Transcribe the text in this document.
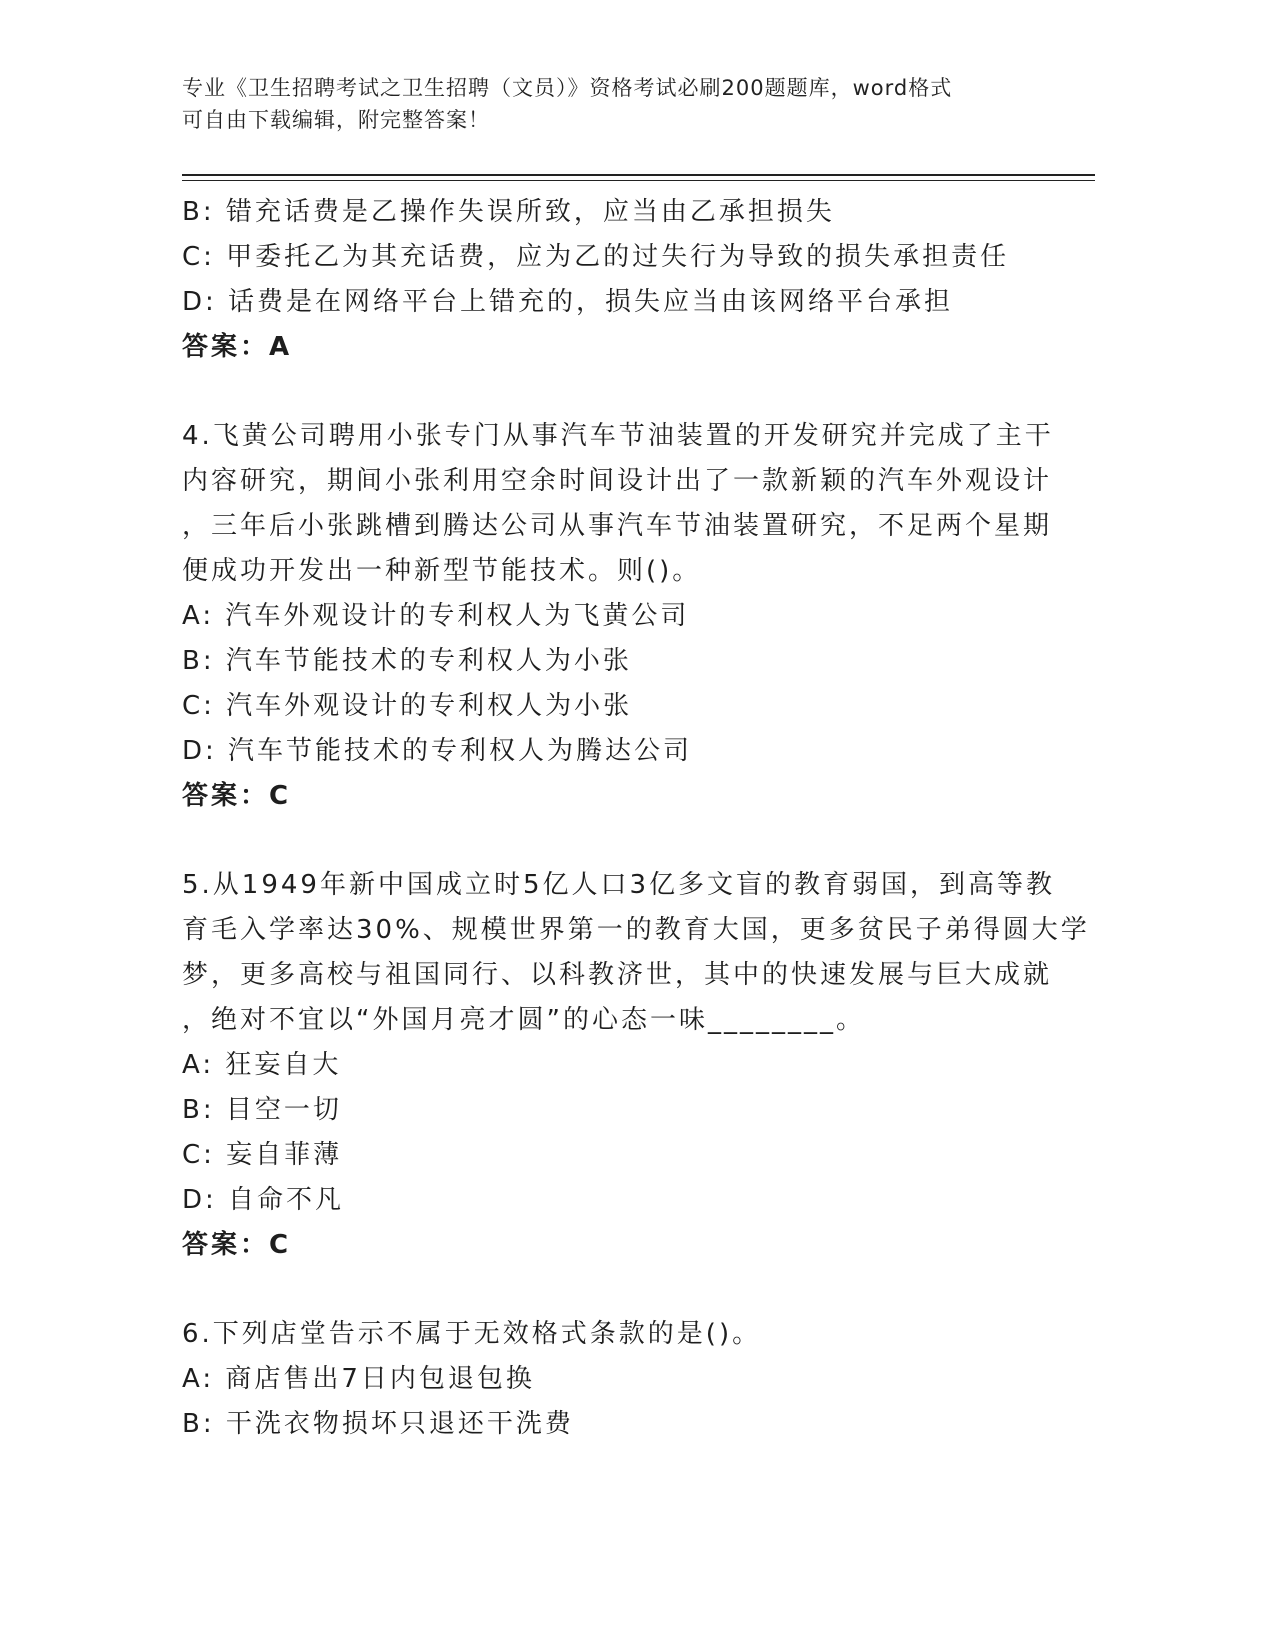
专业《卫生招聘考试之卫生招聘（文员）》资格考试必刷200题题库，word格式
可自由下载编辑，附完整答案！
B: 错充话费是乙操作失误所致，应当由乙承担损失
C: 甲委托乙为其充话费，应为乙的过失行为导致的损失承担责任
D: 话费是在网络平台上错充的，损失应当由该网络平台承担
答案：A
4.飞黄公司聘用小张专门从事汽车节油装置的开发研究并完成了主干
内容研究，期间小张利用空余时间设计出了一款新颖的汽车外观设计
，三年后小张跳槽到腾达公司从事汽车节油装置研究，不足两个星期
便成功开发出一种新型节能技术。则()。
A: 汽车外观设计的专利权人为飞黄公司
B: 汽车节能技术的专利权人为小张
C: 汽车外观设计的专利权人为小张
D: 汽车节能技术的专利权人为腾达公司
答案：C
5.从1949年新中国成立时5亿人口3亿多文盲的教育弱国，到高等教
育毛入学率达30%、规模世界第一的教育大国，更多贫民子弟得圆大学
梦，更多高校与祖国同行、以科教济世，其中的快速发展与巨大成就
，绝对不宜以“外国月亮才圆”的心态一味________。
A: 狂妄自大
B: 目空一切
C: 妄自菲薄
D: 自命不凡
答案：C
6.下列店堂告示不属于无效格式条款的是()。
A: 商店售出7日内包退包换
B: 干洗衣物损坏只退还干洗费
